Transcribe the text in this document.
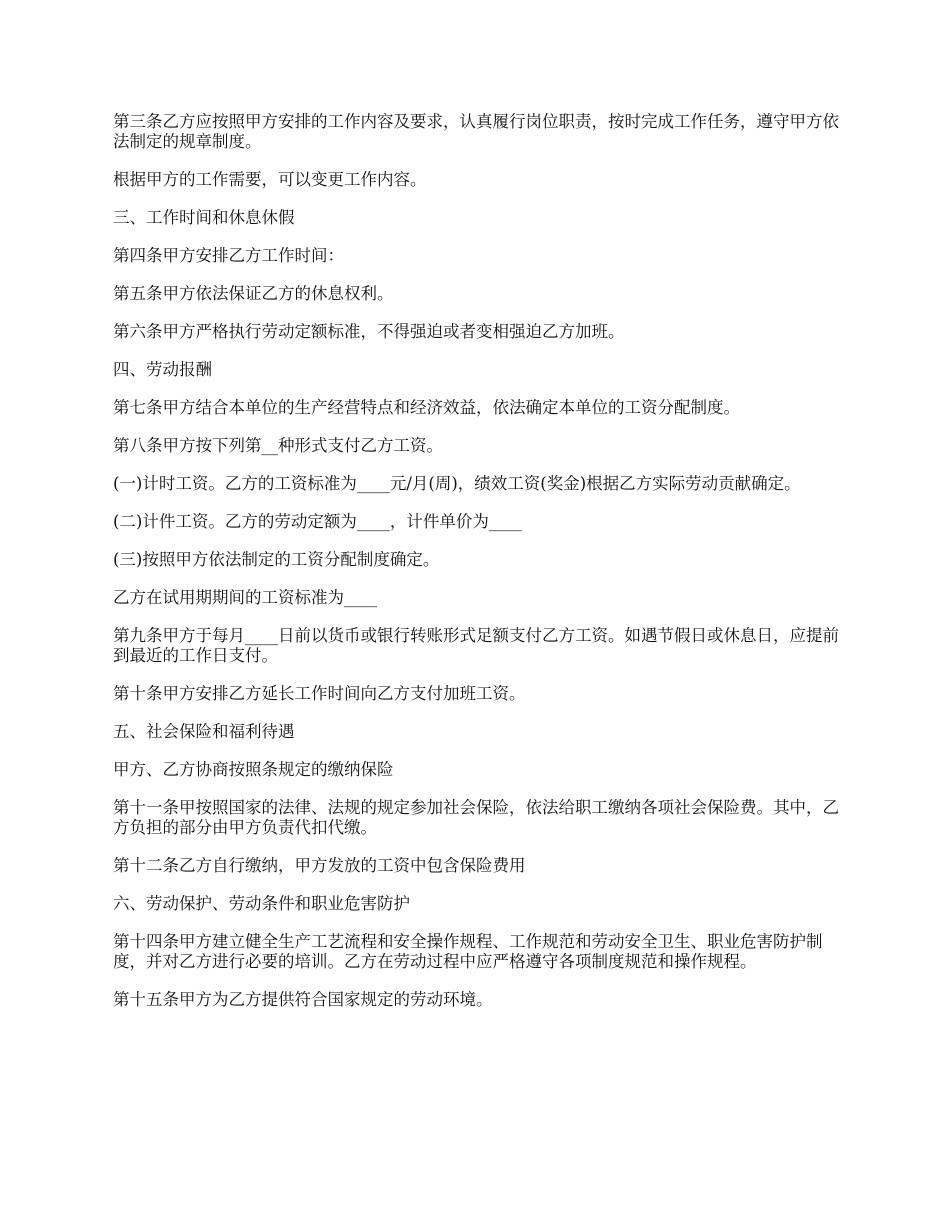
第三条乙方应按照甲方安排的工作内容及要求，认真履行岗位职责，按时完成工作任务，遵守甲方依法制定的规章制度。

根据甲方的工作需要，可以变更工作内容。

三、工作时间和休息休假

第四条甲方安排乙方工作时间：

第五条甲方依法保证乙方的休息权利。

第六条甲方严格执行劳动定额标准，不得强迫或者变相强迫乙方加班。

四、劳动报酬

第七条甲方结合本单位的生产经营特点和经济效益，依法确定本单位的工资分配制度。

第八条甲方按下列第__种形式支付乙方工资。

(一)计时工资。乙方的工资标准为____元/月(周)，绩效工资(奖金)根据乙方实际劳动贡献确定。

(二)计件工资。乙方的劳动定额为____，计件单价为____

(三)按照甲方依法制定的工资分配制度确定。

乙方在试用期期间的工资标准为____

第九条甲方于每月____日前以货币或银行转账形式足额支付乙方工资。如遇节假日或休息日，应提前到最近的工作日支付。

第十条甲方安排乙方延长工作时间向乙方支付加班工资。

五、社会保险和福利待遇

甲方、乙方协商按照条规定的缴纳保险

第十一条甲按照国家的法律、法规的规定参加社会保险，依法给职工缴纳各项社会保险费。其中，乙方负担的部分由甲方负责代扣代缴。

第十二条乙方自行缴纳，甲方发放的工资中包含保险费用

六、劳动保护、劳动条件和职业危害防护

第十四条甲方建立健全生产工艺流程和安全操作规程、工作规范和劳动安全卫生、职业危害防护制度，并对乙方进行必要的培训。乙方在劳动过程中应严格遵守各项制度规范和操作规程。

第十五条甲方为乙方提供符合国家规定的劳动环境。
